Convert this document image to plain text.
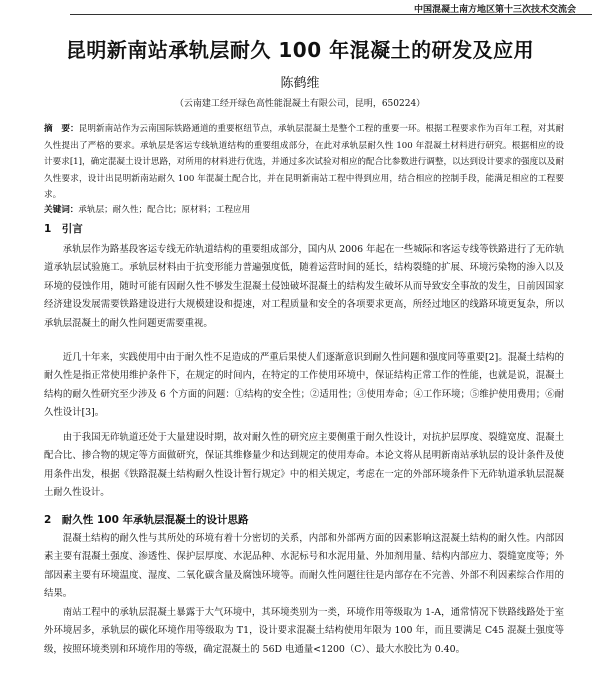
中国混凝土南方地区第十三次技术交流会
昆明新南站承轨层耐久 100 年混凝土的研发及应用
陈鹤维
（云南建工经开绿色高性能混凝土有限公司，昆明，650224）
摘　要：昆明新南站作为云南国际铁路通道的重要枢纽节点，承轨层混凝土是整个工程的重要一环。根据工程要求作为百年工程，对其耐久性提出了严格的要求。承轨层是客运专线轨道结构的重要组成部分，在此对承轨层耐久性 100 年混凝土材料进行研究。根据相应的设计要求[1]，确定混凝土设计思路，对所用的材料进行优选，并通过多次试验对相应的配合比参数进行调整，以达到设计要求的强度以及耐久性要求，设计出昆明新南站耐久 100 年混凝土配合比，并在昆明新南站工程中得到应用，结合相应的控制手段，能满足相应的工程要求。
关键词：承轨层；耐久性；配合比；原材料；工程应用
1　引言

承轨层作为路基段客运专线无砟轨道结构的重要组成部分，国内从 2006 年起在一些城际和客运专线等铁路进行了无砟轨道承轨层试验施工。承轨层材料由于抗变形能力普遍强度低，随着运营时间的延长，结构裂缝的扩展、环境污染物的渗入以及环境的侵蚀作用，随时可能有因耐久性不够发生混凝土侵蚀破坏混凝土的结构发生破坏从而导致安全事故的发生，日前因国家经济建设发展需要铁路建设进行大规模建设和提速，对工程质量和安全的各项要求更高，所经过地区的线路环境更复杂，所以承轨层混凝土的耐久性问题更需要重视。

近几十年来，实践使用中由于耐久性不足造成的严重后果使人们逐渐意识到耐久性问题和强度同等重要[2]。混凝土结构的耐久性是指正常使用维护条件下，在规定的时间内，在特定的工作使用环境中，保证结构正常工作的性能，也就是说，混凝土结构的耐久性研究至少涉及 6 个方面的问题：①结构的安全性；②适用性；③使用寿命；④工作环境；⑤维护使用费用；⑥耐久性设计[3]。

由于我国无砟轨道还处于大量建设时期，故对耐久性的研究应主要侧重于耐久性设计，对抗护层厚度、裂缝宽度、混凝土配合比、掺合物的规定等方面做研究，保证其维修量少和达到规定的使用寿命。本论文将从昆明新南站承轨层的设计条件及使用条件出发，根据《铁路混凝土结构耐久性设计暂行规定》中的相关规定，考虑在一定的外部环境条件下无砟轨道承轨层混凝土耐久性设计。

2　耐久性 100 年承轨层混凝土的设计思路

混凝土结构的耐久性与其所处的环境有着十分密切的关系，内部和外部两方面的因素影响这混凝土结构的耐久性。内部因素主要有混凝土强度、渗透性、保护层厚度、水泥品种、水泥标号和水泥用量、外加剂用量、结构内部应力、裂缝宽度等；外部因素主要有环境温度、湿度、二氧化碳含量及腐蚀环境等。而耐久性问题往往是内部存在不完善、外部不利因素综合作用的结果。

南站工程中的承轨层混凝土暴露于大气环境中，其环境类别为一类，环境作用等级取为 1-A，通常情况下铁路线路处于室外环境居多，承轨层的碳化环境作用等级取为 T1，设计要求混凝土结构使用年限为 100 年，而且要满足 C45 混凝土强度等级，按照环境类别和环境作用的等级，确定混凝土的 56D 电通量<1200（C）、最大水胶比为 0.40。
